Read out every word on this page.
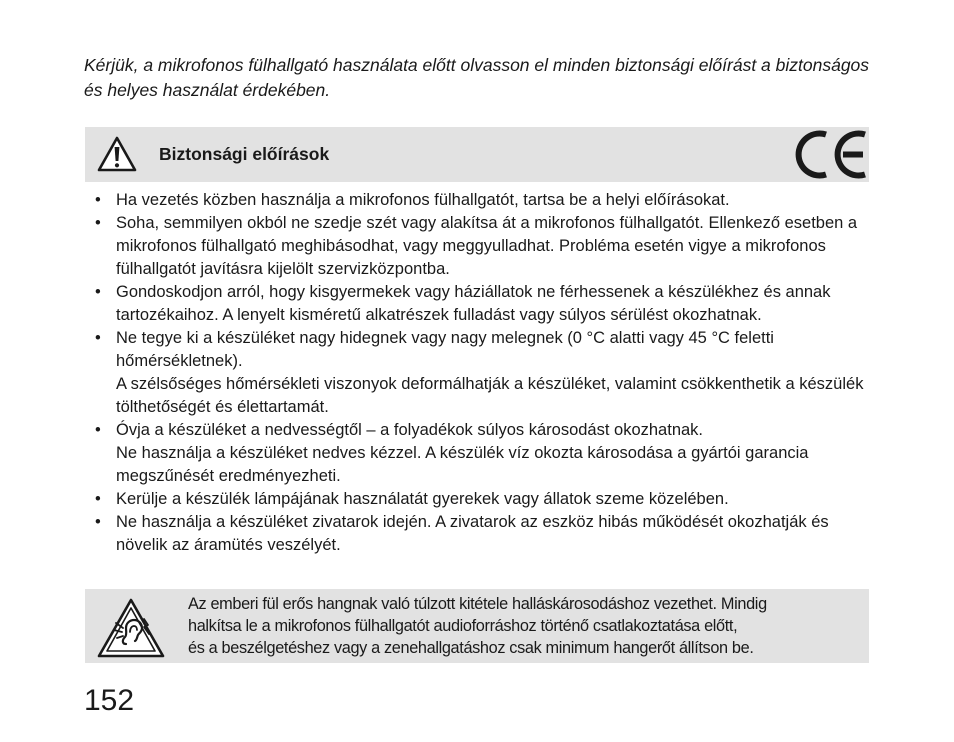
Kérjük, a mikrofonos fülhallgató használata előtt olvasson el minden biztonsági előírást a biztonságos és helyes használat érdekében.

Biztonsági előírások

• Ha vezetés közben használja a mikrofonos fülhallgatót, tartsa be a helyi előírásokat.

• Soha, semmilyen okból ne szedje szét vagy alakítsa át a mikrofonos fülhallgatót. Ellenkező esetben a mikrofonos fülhallgató meghibásodhat, vagy meggyulladhat. Probléma esetén vigye a mikrofonos fülhallgatót javításra kijelölt szervizközpontba.

• Gondoskodjon arról, hogy kisgyermekek vagy háziállatok ne férhessenek a készülékhez és annak tartozékaihoz. A lenyelt kisméretű alkatrészek fulladást vagy súlyos sérülést okozhatnak.

• Ne tegye ki a készüléket nagy hidegnek vagy nagy melegnek (0 °C alatti vagy 45 °C feletti hőmérsékletnek).

A szélsőséges hőmérsékleti viszonyok deformálhatják a készüléket, valamint csökkenthetik a készülék tölthetőségét és élettartamát.

• Óvja a készüléket a nedvességtől – a folyadékok súlyos károsodást okozhatnak.

Ne használja a készüléket nedves kézzel. A készülék víz okozta károsodása a gyártói garancia megszűnését eredményezheti.

• Kerülje a készülék lámpájának használatát gyerekek vagy állatok szeme közelében.

• Ne használja a készüléket zivatarok idején. A zivatarok az eszköz hibás működését okozhatják és növelik az áramütés veszélyét.

Az emberi fül erős hangnak való túlzott kitétele halláskárosodáshoz vezethet. Mindig
halkítsa le a mikrofonos fülhallgatót audioforráshoz történő csatlakoztatása előtt,
és a beszélgetéshez vagy a zenehallgatáshoz csak minimum hangerőt állítson be.

152
